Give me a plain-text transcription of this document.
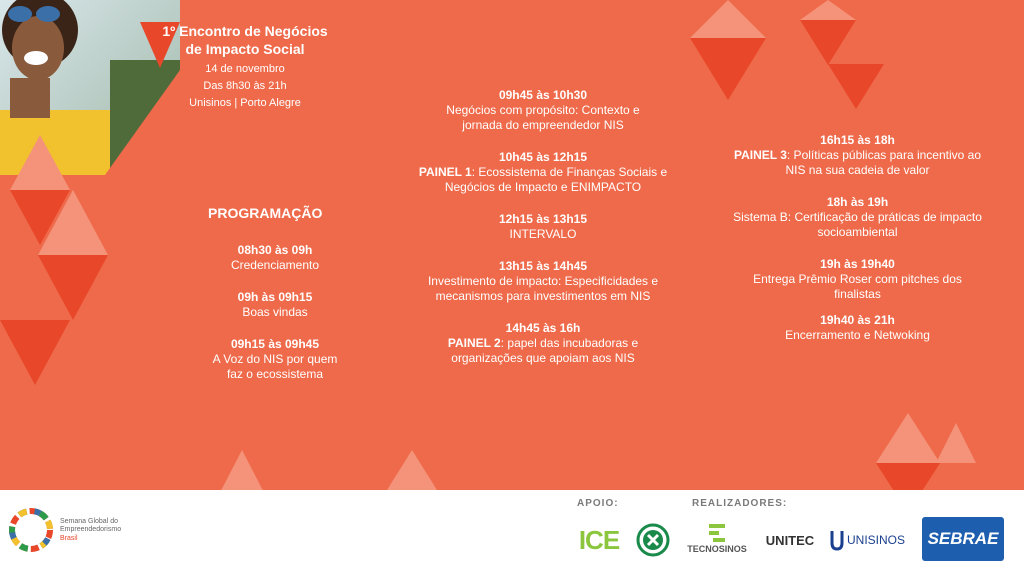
1º Encontro de Negócios
de Impacto Social
14 de novembro
Das 8h30 às 21h
Unisinos | Porto Alegre
PROGRAMAÇÃO
08h30 às 09h
Credenciamento
09h às 09h15
Boas vindas
09h15 às 09h45
A Voz do NIS por quem faz o ecossistema
09h45 às 10h30
Negócios com propósito: Contexto e jornada do empreendedor NIS
10h45 às 12h15
PAINEL 1: Ecossistema de Finanças Sociais e Negócios de Impacto e ENIMPACTO
12h15 às 13h15
INTERVALO
13h15 às 14h45
Investimento de impacto: Especificidades e mecanismos para investimentos em NIS
14h45 às 16h
PAINEL 2: papel das incubadoras e organizações que apoiam aos NIS
16h15 às 18h
PAINEL 3: Políticas públicas para incentivo ao NIS na sua cadeia de valor
18h às 19h
Sistema B: Certificação de práticas de impacto socioambiental
19h às 19h40
Entrega Prêmio Roser com pitches dos finalistas
19h40 às 21h
Encerramento e Netwoking
Semana Global do Empreendedorismo
Brasil
APOIO:	REALIZADORES:
ICE	TECNOSINOS
UNITEC	UNISINOS SEBRAE
